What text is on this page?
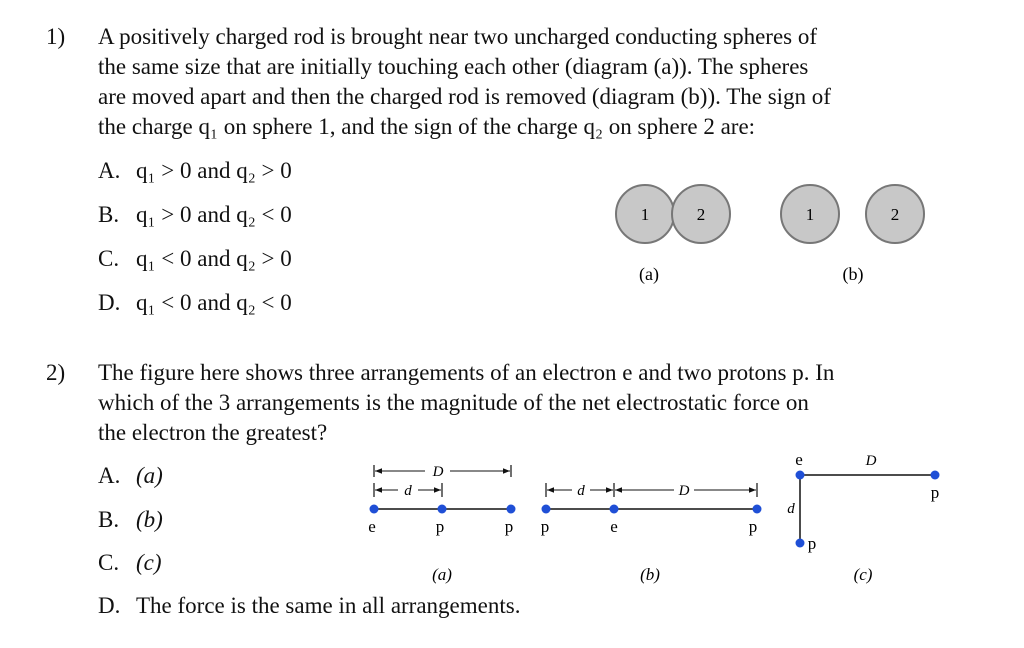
1) A positively charged rod is brought near two uncharged conducting spheres of

the same size that are initially touching each other (diagram (a)). The spheres

are moved apart and then the charged rod is removed (diagram (b)). The sign of

the charge q₁ on sphere 1, and the sign of the charge q₂ on sphere 2 are:

A. q₁ > 0 and q₂ > 0
B. q₁ > 0 and q₂ < 0
C. q₁ < 0 and q₂ > 0
D. q₁ < 0 and q₂ < 0
1	2
(a)
1	2
(b)
2) The figure here shows three arrangements of an electron e and two protons p. In

which of the 3 arrangements is the magnitude of the net electrostatic force on

the electron the greatest?

A. (a)
B. (b)
C. (c)
D. The force is the same in all arrangements.
D
d
e	p	p
(a)
d	D
p	e	p
(b)
e	D
d
p
p
(c)
